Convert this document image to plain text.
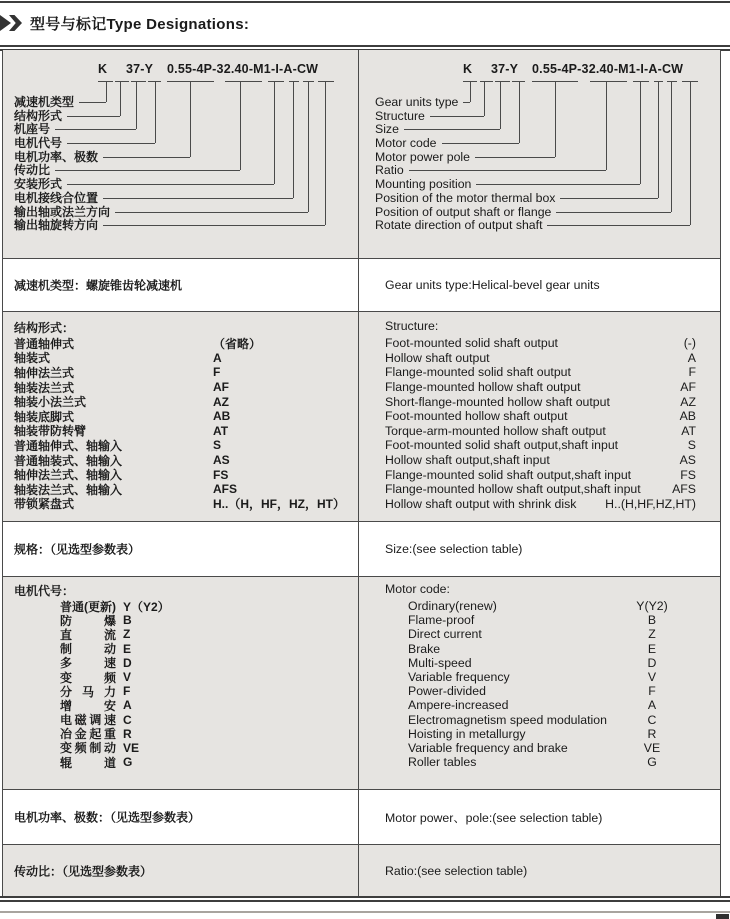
型号与标记Type Designations:
K 37-Y 0.55-4P-32.40-M1-I-A-CW	K 37-Y 0.55-4P-32.40-M1-I-A-CW
减速机类型
结构形式
机座号
电机代号
电机功率、极数
传动比
安装形式
电机接线合位置
输出轴或法兰方向
输出轴旋转方向
Gear units type
Structure
Size
Motor code
Motor power pole
Ratio
Mounting position
Position of the motor thermal box
Position of output shaft or flange
Rotate direction of output shaft
减速机类型：螺旋锥齿轮减速机	Gear units type:Helical-bevel gear units
结构形式：	Structure:
普通轴伸式	（省略）
轴装式	A
轴伸法兰式	F
轴装法兰式	AF
轴装小法兰式	AZ
轴装底脚式	AB
轴装带防转臂	AT
普通轴伸式、轴输入	S
普通轴装式、轴输入	AS
轴伸法兰式、轴输入	FS
轴装法兰式、轴输入	AFS
带锁紧盘式	H..（H，HF，HZ，HT）
Foot-mounted solid shaft output	(-)
Hollow shaft output	A
Flange-mounted solid shaft output	F
Flange-mounted hollow shaft output	AF
Short-flange-mounted hollow shaft output	AZ
Foot-mounted hollow shaft output	AB
Torque-arm-mounted hollow shaft output	AT
Foot-mounted solid shaft output,shaft input	S
Hollow shaft output,shaft input	AS
Flange-mounted solid shaft output,shaft input	FS
Flange-mounted hollow shaft output,shaft input	AFS
Hollow shaft output with shrink disk H..(H,HF,HZ,HT)
规格：（见选型参数表）	Size:(see selection table)
电机代号：	Motor code:
普通(更新) Y（Y2）
防爆 B
直流 Z
制动 E
多速 D
变频 V
分马力 F
增安 A
电磁调速 C
冶金起重 R
变频制动 VE
辊道 G
Ordinary(renew)	Y(Y2)
Flame-proof	B
Direct current	Z
Brake	E
Multi-speed	D
Variable frequency	V
Power-divided	F
Ampere-increased	A
Electromagnetism speed modulation	C
Hoisting in metallurgy	R
Variable frequency and brake	VE
Roller tables	G
电机功率、极数：（见选型参数表）	Motor power、pole:(see selection table)
传动比：（见选型参数表）	Ratio:(see selection table)
